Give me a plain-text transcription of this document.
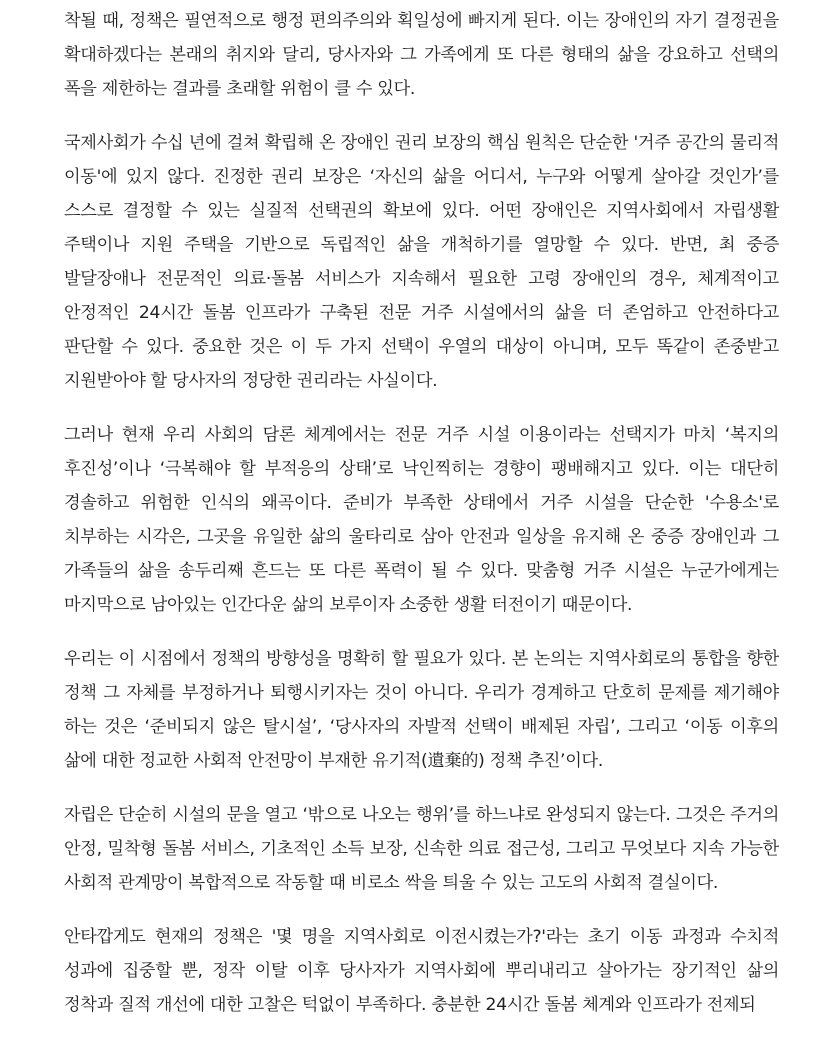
착될 때, 정책은 필연적으로 행정 편의주의와 획일성에 빠지게 된다. 이는 장애인의 자기 결정권을 확대하겠다는 본래의 취지와 달리, 당사자와 그 가족에게 또 다른 형태의 삶을 강요하고 선택의 폭을 제한하는 결과를 초래할 위험이 클 수 있다.

국제사회가 수십 년에 걸쳐 확립해 온 장애인 권리 보장의 핵심 원칙은 단순한 '거주 공간의 물리적 이동'에 있지 않다. 진정한 권리 보장은 ‘자신의 삶을 어디서, 누구와 어떻게 살아갈 것인가’를 스스로 결정할 수 있는 실질적 선택권의 확보에 있다. 어떤 장애인은 지역사회에서 자립생활 주택이나 지원 주택을 기반으로 독립적인 삶을 개척하기를 열망할 수 있다. 반면, 최 중증 발달장애나 전문적인 의료·돌봄 서비스가 지속해서 필요한 고령 장애인의 경우, 체계적이고 안정적인 24시간 돌봄 인프라가 구축된 전문 거주 시설에서의 삶을 더 존엄하고 안전하다고 판단할 수 있다. 중요한 것은 이 두 가지 선택이 우열의 대상이 아니며, 모두 똑같이 존중받고 지원받아야 할 당사자의 정당한 권리라는 사실이다.

그러나 현재 우리 사회의 담론 체계에서는 전문 거주 시설 이용이라는 선택지가 마치 ‘복지의 후진성’이나 ‘극복해야 할 부적응의 상태’로 낙인찍히는 경향이 팽배해지고 있다. 이는 대단히 경솔하고 위험한 인식의 왜곡이다. 준비가 부족한 상태에서 거주 시설을 단순한 '수용소'로 치부하는 시각은, 그곳을 유일한 삶의 울타리로 삼아 안전과 일상을 유지해 온 중증 장애인과 그 가족들의 삶을 송두리째 흔드는 또 다른 폭력이 될 수 있다. 맞춤형 거주 시설은 누군가에게는 마지막으로 남아있는 인간다운 삶의 보루이자 소중한 생활 터전이기 때문이다.

우리는 이 시점에서 정책의 방향성을 명확히 할 필요가 있다. 본 논의는 지역사회로의 통합을 향한 정책 그 자체를 부정하거나 퇴행시키자는 것이 아니다. 우리가 경계하고 단호히 문제를 제기해야 하는 것은 ‘준비되지 않은 탈시설’, ‘당사자의 자발적 선택이 배제된 자립’, 그리고 ‘이동 이후의 삶에 대한 정교한 사회적 안전망이 부재한 유기적(遺棄的) 정책 추진’이다.

자립은 단순히 시설의 문을 열고 ‘밖으로 나오는 행위’를 하느냐로 완성되지 않는다. 그것은 주거의 안정, 밀착형 돌봄 서비스, 기초적인 소득 보장, 신속한 의료 접근성, 그리고 무엇보다 지속 가능한 사회적 관계망이 복합적으로 작동할 때 비로소 싹을 틔울 수 있는 고도의 사회적 결실이다.

안타깝게도 현재의 정책은 '몇 명을 지역사회로 이전시켰는가?'라는 초기 이동 과정과 수치적 성과에 집중할 뿐, 정작 이탈 이후 당사자가 지역사회에 뿌리내리고 살아가는 장기적인 삶의 정착과 질적 개선에 대한 고찰은 턱없이 부족하다. 충분한 24시간 돌봄 체계와 인프라가 전제되
